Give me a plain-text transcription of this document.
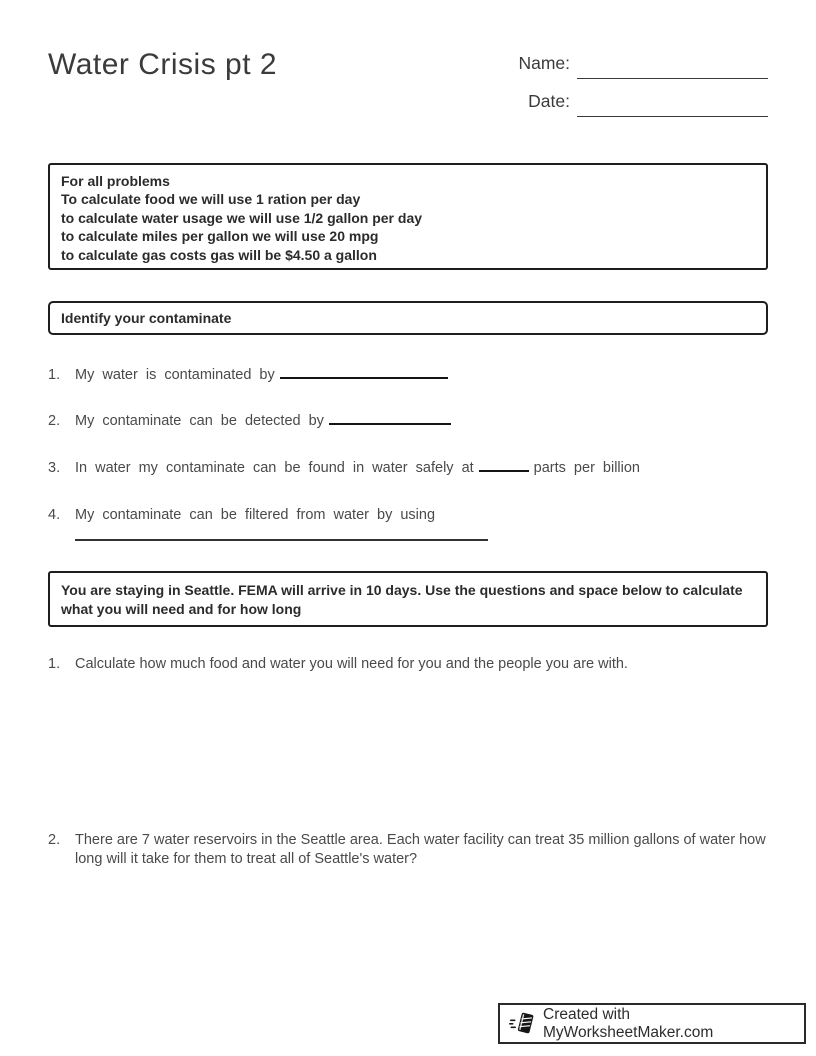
Water Crisis pt 2	Name:
Date:
For all problems
To calculate food we will use 1 ration per day
to calculate water usage we will use 1/2 gallon per day
to calculate miles per gallon we will use 20 mpg
to calculate gas costs gas will be $4.50 a gallon
Identify your contaminate
1.	My water is contaminated by
2.	My contaminate can be detected by
3.	In water my contaminate can be found in water safely at	parts per billion
4.	My contaminate can be filtered from water by using
You are staying in Seattle. FEMA will arrive in 10 days. Use the questions and space below to calculate what you will need and for how long
1.	Calculate how much food and water you will need for you and the people you are with.
2.	There are 7 water reservoirs in the Seattle area. Each water facility can treat 35 million gallons of water how long will it take for them to treat all of Seattle's water?
Created with MyWorksheetMaker.com
